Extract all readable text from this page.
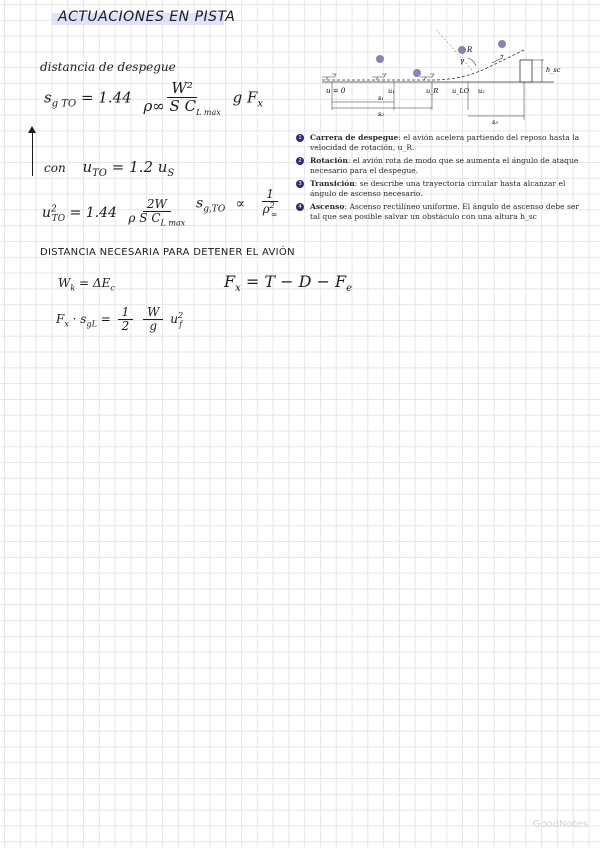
ACTUACIONES EN PISTA
distancia de despegue
$s_{g TO} = 1.44 \frac{\text{W²}}{\rho\infty S C_{L max}}$ g $F_x$
con $u_{TO} = 1.2$ $u_S$
$u^2_{TO} = 1.44 \frac{2W}{\rho S C_{L max}} s_{g,TO} \propto \frac{1}{\rho^2_\infty}$
DISTANCIA NECESARIA PARA DETENER EL AVIÓN
$W_k = \Delta E_c$	$F_x = T - D - F_e$
$F_x \cdot s_{gL} = \frac{1}{2}$
$\frac{W}{g} u^2_f$
u = 0	u₁	u_R u_LO u₂
R
γ
h_sc
s₁
s₂
s₃
1 Carrera de despegue: el avión acelera partiendo del reposo hasta la velocidad de rotación, u_R.
2 Rotación: el avión rota de modo que se aumenta el ángulo de ataque necesario para el despegue.
3 Transición: se describe una trayectoria circular hasta alcanzar el ángulo de ascenso necesario.
4 Ascenso: Ascenso rectilíneo uniforme. El ángulo de ascenso debe ser tal que sea posible salvar un obstáculo con una altura h_sc
GoodNotes
